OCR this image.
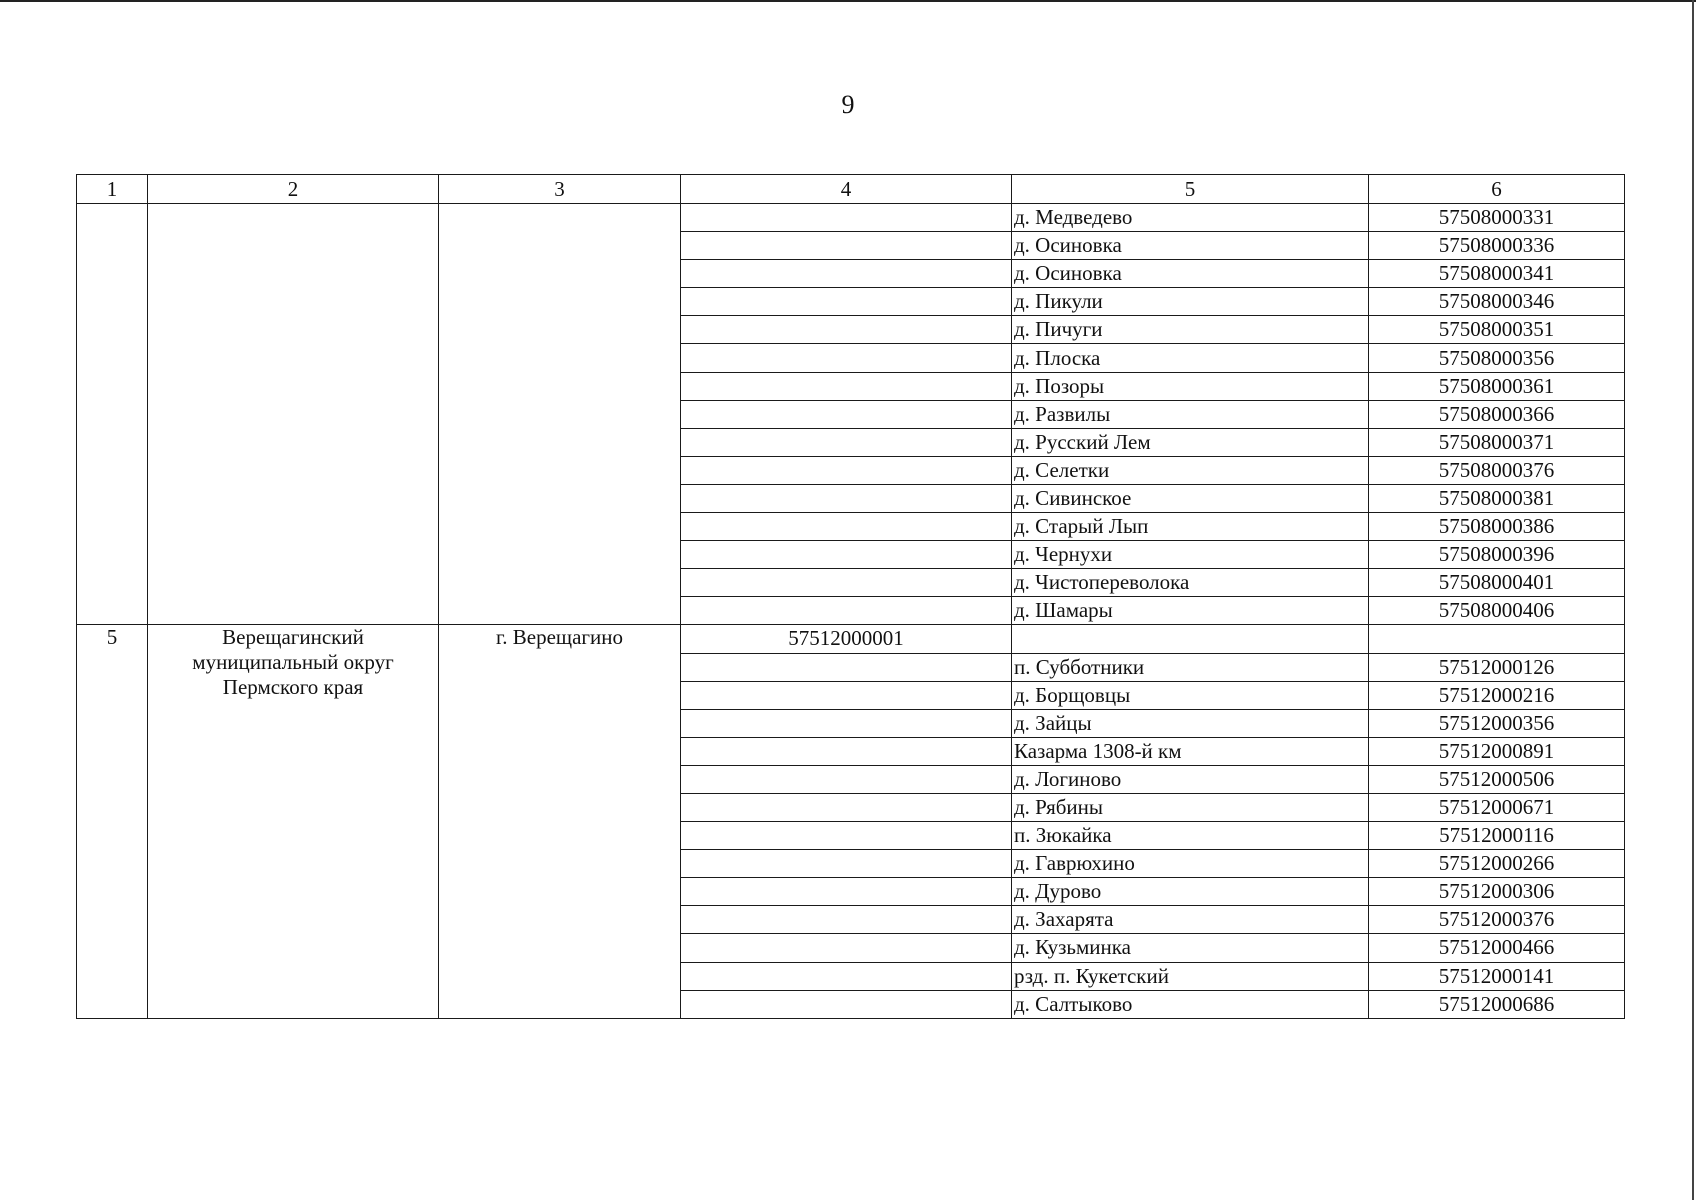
9
1	2	3	4	5	6
				д. Медведево	57508000331
				д. Осиновка	57508000336
				д. Осиновка	57508000341
				д. Пикули	57508000346
				д. Пичуги	57508000351
				д. Плоска	57508000356
				д. Позоры	57508000361
				д. Развилы	57508000366
				д. Русский Лем	57508000371
				д. Селетки	57508000376
				д. Сивинское	57508000381
				д. Старый Лып	57508000386
				д. Чернухи	57508000396
				д. Чистопереволока	57508000401
				д. Шамары	57508000406
5	Верещагинский муниципальный округ Пермского края	г. Верещагино	57512000001		
				п. Субботники	57512000126
				д. Борщовцы	57512000216
				д. Зайцы	57512000356
				Казарма 1308-й км	57512000891
				д. Логиново	57512000506
				д. Рябины	57512000671
				п. Зюкайка	57512000116
				д. Гаврюхино	57512000266
				д. Дурово	57512000306
				д. Захарята	57512000376
				д. Кузьминка	57512000466
				рзд. п. Кукетский	57512000141
				д. Салтыково	57512000686
